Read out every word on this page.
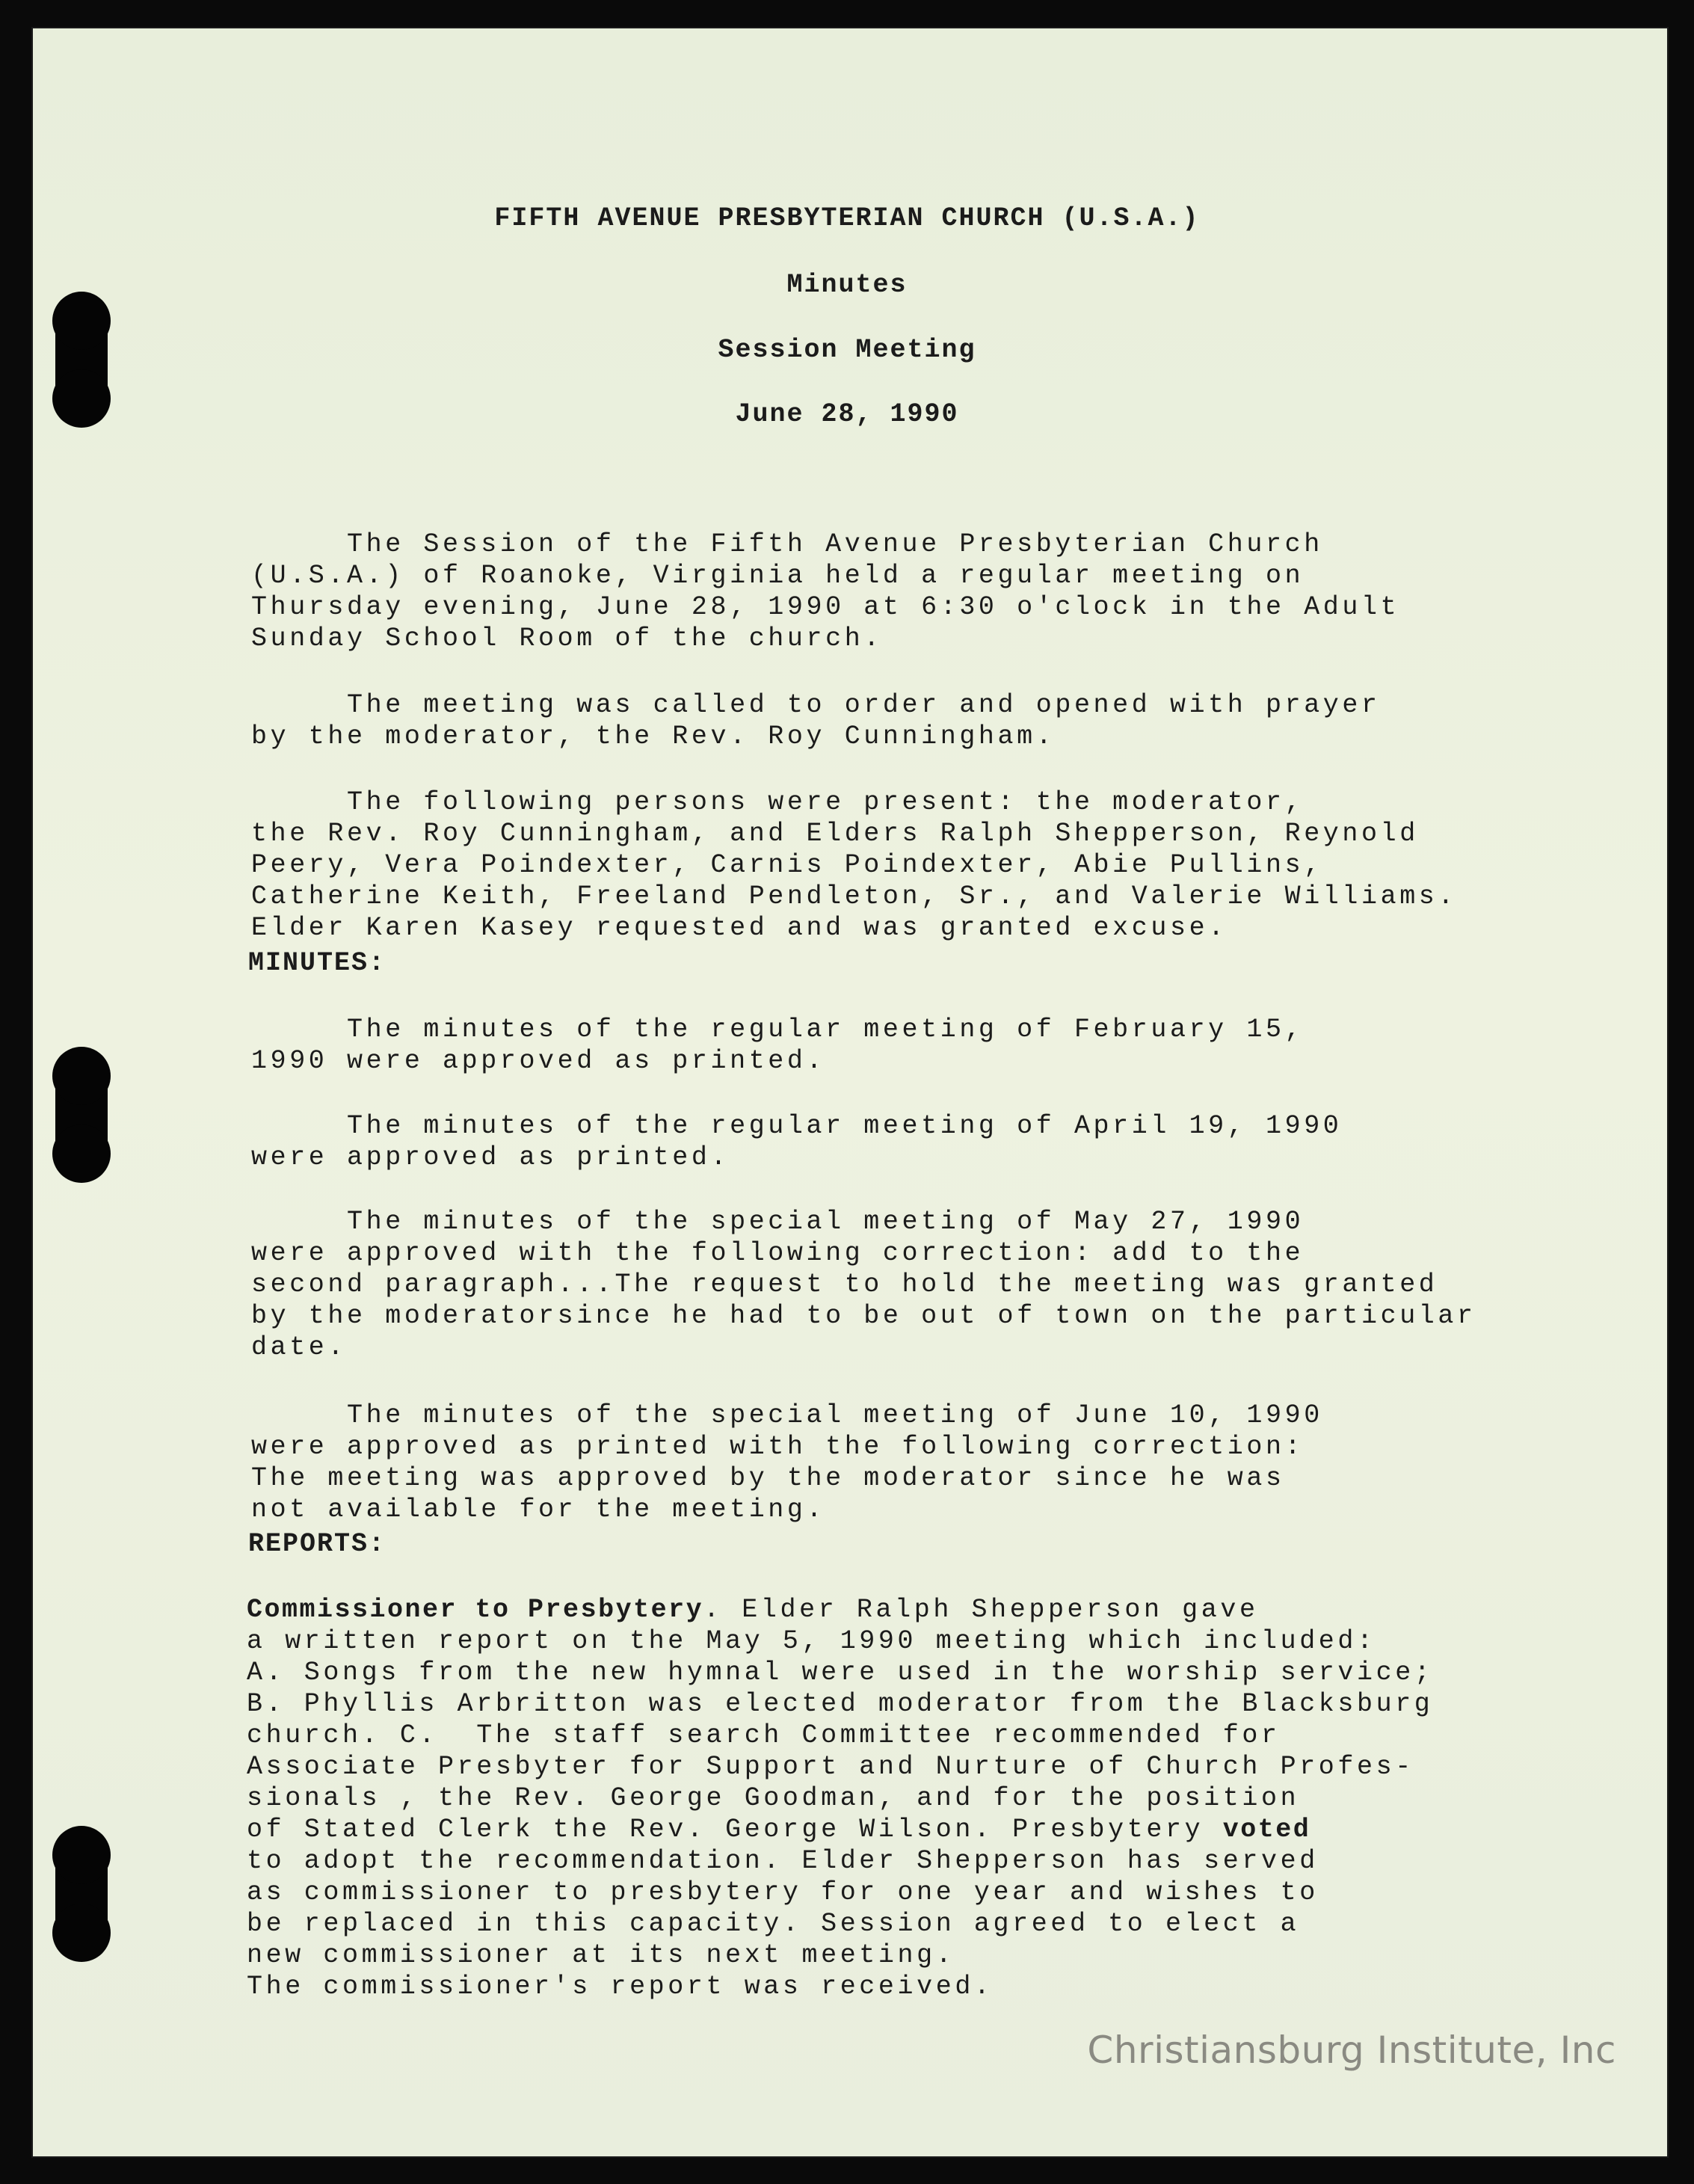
FIFTH AVENUE PRESBYTERIAN CHURCH (U.S.A.)
Minutes
Session Meeting
June 28, 1990

The Session of the Fifth Avenue Presbyterian Church
(U.S.A.) of Roanoke, Virginia held a regular meeting on
Thursday evening, June 28, 1990 at 6:30 o'clock in the Adult
Sunday School Room of the church.

The meeting was called to order and opened with prayer
by the moderator, the Rev. Roy Cunningham.

The following persons were present: the moderator,
the Rev. Roy Cunningham, and Elders Ralph Shepperson, Reynold
Peery, Vera Poindexter, Carnis Poindexter, Abie Pullins,
Catherine Keith, Freeland Pendleton, Sr., and Valerie Williams.
Elder Karen Kasey requested and was granted excuse.
MINUTES:

The minutes of the regular meeting of February 15,
1990 were approved as printed.

The minutes of the regular meeting of April 19, 1990
were approved as printed.

The minutes of the special meeting of May 27, 1990
were approved with the following correction: add to the
second paragraph...The request to hold the meeting was granted
by the moderatorsince he had to be out of town on the particular
date.

The minutes of the special meeting of June 10, 1990
were approved as printed with the following correction:
The meeting was approved by the moderator since he was
not available for the meeting.
REPORTS:

Commissioner to Presbytery. Elder Ralph Shepperson gave
a written report on the May 5, 1990 meeting which included:
A. Songs from the new hymnal were used in the worship service;
B. Phyllis Arbritton was elected moderator from the Blacksburg
church. C.  The staff search Committee recommended for
Associate Presbyter for Support and Nurture of Church Profes-
sionals , the Rev. George Goodman, and for the position
of Stated Clerk the Rev. George Wilson. Presbytery voted
to adopt the recommendation. Elder Shepperson has served
as commissioner to presbytery for one year and wishes to
be replaced in this capacity. Session agreed to elect a
new commissioner at its next meeting.
The commissioner's report was received.
Christiansburg Institute, Inc
